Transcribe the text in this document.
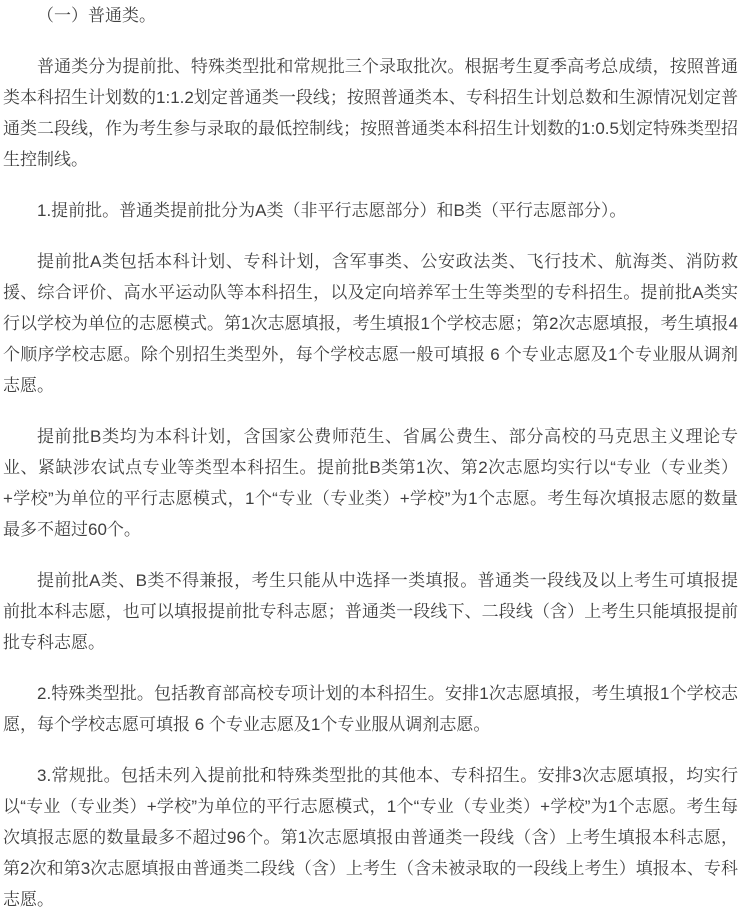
（一）普通类。

普通类分为提前批、特殊类型批和常规批三个录取批次。根据考生夏季高考总成绩，按照普通类本科招生计划数的1:1.2划定普通类一段线；按照普通类本、专科招生计划总数和生源情况划定普通类二段线，作为考生参与录取的最低控制线；按照普通类本科招生计划数的1:0.5划定特殊类型招生控制线。

1.提前批。普通类提前批分为A类（非平行志愿部分）和B类（平行志愿部分）。

提前批A类包括本科计划、专科计划，含军事类、公安政法类、飞行技术、航海类、消防救援、综合评价、高水平运动队等本科招生，以及定向培养军士生等类型的专科招生。提前批A类实行以学校为单位的志愿模式。第1次志愿填报，考生填报1个学校志愿；第2次志愿填报，考生填报4个顺序学校志愿。除个别招生类型外，每个学校志愿一般可填报 6 个专业志愿及1个专业服从调剂志愿。

提前批B类均为本科计划，含国家公费师范生、省属公费生、部分高校的马克思主义理论专业、紧缺涉农试点专业等类型本科招生。提前批B类第1次、第2次志愿均实行以“专业（专业类）+学校”为单位的平行志愿模式，1个“专业（专业类）+学校”为1个志愿。考生每次填报志愿的数量最多不超过60个。

提前批A类、B类不得兼报，考生只能从中选择一类填报。普通类一段线及以上考生可填报提前批本科志愿，也可以填报提前批专科志愿；普通类一段线下、二段线（含）上考生只能填报提前批专科志愿。

2.特殊类型批。包括教育部高校专项计划的本科招生。安排1次志愿填报，考生填报1个学校志愿，每个学校志愿可填报 6 个专业志愿及1个专业服从调剂志愿。

3.常规批。包括未列入提前批和特殊类型批的其他本、专科招生。安排3次志愿填报，均实行以“专业（专业类）+学校”为单位的平行志愿模式，1个“专业（专业类）+学校”为1个志愿。考生每次填报志愿的数量最多不超过96个。第1次志愿填报由普通类一段线（含）上考生填报本科志愿，第2次和第3次志愿填报由普通类二段线（含）上考生（含未被录取的一段线上考生）填报本、专科志愿。
